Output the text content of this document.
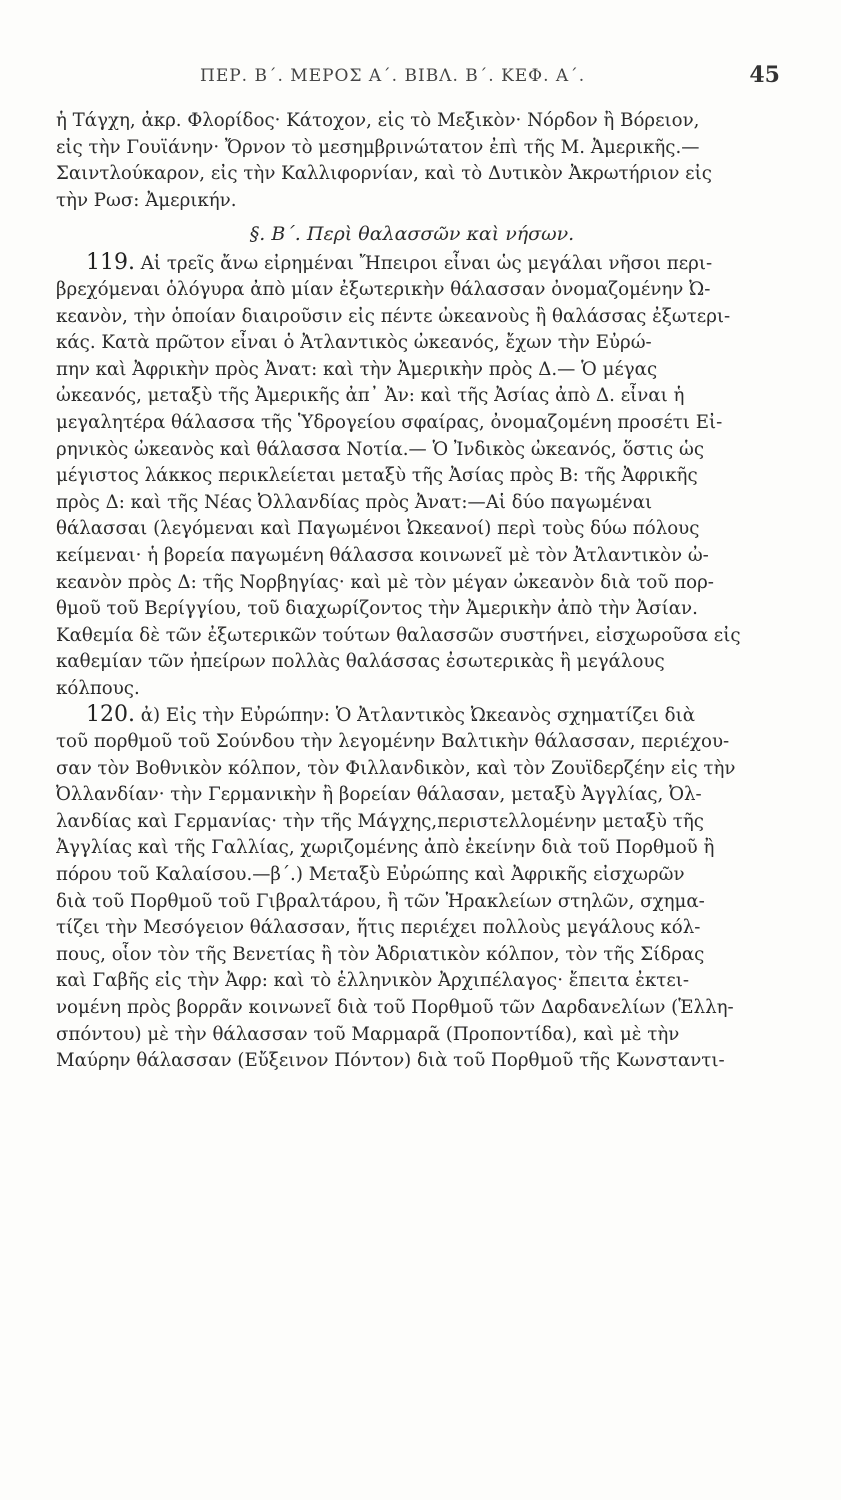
ΠΕΡ. Β΄. ΜΕΡΟΣ Α΄. ΒΙΒΛ. Β΄. ΚΕΦ. Α΄.	45
ἡ Τάγχη, ἀκρ. Φλορίδος· Κάτοχον, εἰς τὸ Μεξικὸν· Νόρδον ἢ Βόρειον,
εἰς τὴν Γουϊάνην· Ὄρνον τὸ μεσημβρινώτατον ἐπὶ τῆς Μ. Ἀμερικῆς.—
Σαιντλούκαρον, εἰς τὴν Καλλιφορνίαν, καὶ τὸ Δυτικὸν Ἀκρωτήριον εἰς
τὴν Ρωσ: Ἀμερικήν.
§. Β΄. Περὶ θαλασσῶν καὶ νήσων.
119. Αἱ τρεῖς ἄνω εἰρημέναι Ἤπειροι εἶναι ὡς μεγάλαι νῆσοι περι-
βρεχόμεναι ὁλόγυρα ἀπὸ μίαν ἐξωτερικὴν θάλασσαν ὀνομαζομένην Ὠ-
κεανὸν, τὴν ὁποίαν διαιροῦσιν εἰς πέντε ὠκεανοὺς ἢ θαλάσσας ἐξωτερι-
κάς. Κατὰ πρῶτον εἶναι ὁ Ἀτλαντικὸς ὠκεανός, ἔχων τὴν Εὐρώ-
πην καὶ Ἀφρικὴν πρὸς Ἀνατ: καὶ τὴν Ἀμερικὴν πρὸς Δ.— Ὁ μέγας
ὠκεανός, μεταξὺ τῆς Ἀμερικῆς ἀπ᾽ Ἀν: καὶ τῆς Ἀσίας ἀπὸ Δ. εἶναι ἡ
μεγαλητέρα θάλασσα τῆς Ὑδρογείου σφαίρας, ὀνομαζομένη προσέτι Εἰ-
ρηνικὸς ὠκεανὸς καὶ θάλασσα Νοτία.— Ὁ Ἰνδικὸς ὠκεανός, ὅστις ὡς
μέγιστος λάκκος περικλείεται μεταξὺ τῆς Ἀσίας πρὸς Β: τῆς Ἀφρικῆς
πρὸς Δ: καὶ τῆς Νέας Ὀλλανδίας πρὸς Ἀνατ:—Αἱ δύο παγωμέναι
θάλασσαι (λεγόμεναι καὶ Παγωμένοι Ὠκεανοί) περὶ τοὺς δύω πόλους
κείμεναι· ἡ βορεία παγωμένη θάλασσα κοινωνεῖ μὲ τὸν Ἀτλαντικὸν ὠ-
κεανὸν πρὸς Δ: τῆς Νορβηγίας· καὶ μὲ τὸν μέγαν ὠκεανὸν διὰ τοῦ πορ-
θμοῦ τοῦ Βερίγγίου, τοῦ διαχωρίζοντος τὴν Ἀμερικὴν ἀπὸ τὴν Ἀσίαν.
Καθεμία δὲ τῶν ἐξωτερικῶν τούτων θαλασσῶν συστήνει, εἰσχωροῦσα εἰς
καθεμίαν τῶν ἠπείρων πολλὰς θαλάσσας ἐσωτερικὰς ἢ μεγάλους
κόλπους.
120. ἀ) Εἰς τὴν Εὐρώπην: Ὁ Ἀτλαντικὸς Ὠκεανὸς σχηματίζει διὰ
τοῦ πορθμοῦ τοῦ Σούνδου τὴν λεγομένην Βαλτικὴν θάλασσαν, περιέχου-
σαν τὸν Βοθνικὸν κόλπον, τὸν Φιλλανδικὸν, καὶ τὸν Ζουϊδερζέην εἰς τὴν
Ὀλλανδίαν· τὴν Γερμανικὴν ἢ βορείαν θάλασαν, μεταξὺ Ἀγγλίας, Ὀλ-
λανδίας καὶ Γερμανίας· τὴν τῆς Μάγχης,περιστελλομένην μεταξὺ τῆς
Ἀγγλίας καὶ τῆς Γαλλίας, χωριζομένης ἀπὸ ἐκείνην διὰ τοῦ Πορθμοῦ ἢ
πόρου τοῦ Καλαίσου.—β΄.) Μεταξὺ Εὐρώπης καὶ Ἀφρικῆς εἰσχωρῶν
διὰ τοῦ Πορθμοῦ τοῦ Γιβραλτάρου, ἢ τῶν Ἡρακλείων στηλῶν, σχημα-
τίζει τὴν Μεσόγειον θάλασσαν, ἥτις περιέχει πολλοὺς μεγάλους κόλ-
πους, οἷον τὸν τῆς Βενετίας ἢ τὸν Ἀδριατικὸν κόλπον, τὸν τῆς Σίδρας
καὶ Γαβῆς εἰς τὴν Ἀφρ: καὶ τὸ ἑλληνικὸν Ἀρχιπέλαγος· ἔπειτα ἐκτει-
νομένη πρὸς βορρᾶν κοινωνεῖ διὰ τοῦ Πορθμοῦ τῶν Δαρδανελίων (Ἑλλη-
σπόντου) μὲ τὴν θάλασσαν τοῦ Μαρμαρᾶ (Προποντίδα), καὶ μὲ τὴν
Μαύρην θάλασσαν (Εὔξεινον Πόντον) διὰ τοῦ Πορθμοῦ τῆς Κωνσταντι-
